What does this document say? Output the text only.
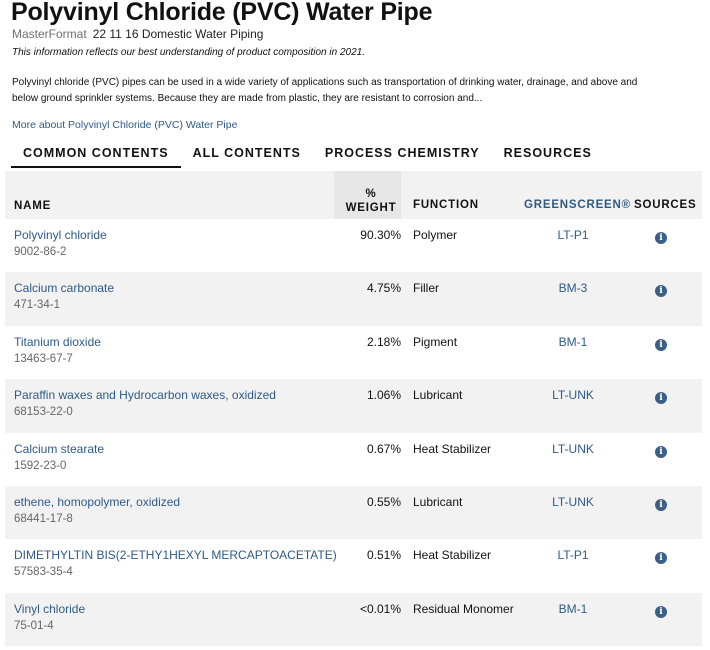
Polyvinyl Chloride (PVC) Water Pipe
MasterFormat 22 11 16 Domestic Water Piping
This information reflects our best understanding of product composition in 2021.

Polyvinyl chloride (PVC) pipes can be used in a wide variety of applications such as transportation of drinking water, drainage, and above and below ground sprinkler systems. Because they are made from plastic, they are resistant to corrosion and...

More about Polyvinyl Chloride (PVC) Water Pipe
COMMON CONTENTS	ALL CONTENTS	PROCESS CHEMISTRY	RESOURCES
NAME
%
WEIGHT	FUNCTION	GREENSCREEN® SOURCES
Polyvinyl chloride
9002-86-2
90.30% Polymer	LT-P1	i
Calcium carbonate
471-34-1
4.75% Filler	BM-3	i
Titanium dioxide
13463-67-7
2.18% Pigment	BM-1	i
Paraffin waxes and Hydrocarbon waxes, oxidized
68153-22-0
1.06% Lubricant	LT-UNK	i
Calcium stearate
1592-23-0
0.67% Heat Stabilizer	LT-UNK	i
ethene, homopolymer, oxidized
68441-17-8
0.55% Lubricant	LT-UNK	i
DIMETHYLTIN BIS(2-ETHY1HEXYL MERCAPTOACETATE)
57583-35-4
0.51% Heat Stabilizer	LT-P1	i
Vinyl chloride
75-01-4
<0.01% Residual Monomer	BM-1	i
